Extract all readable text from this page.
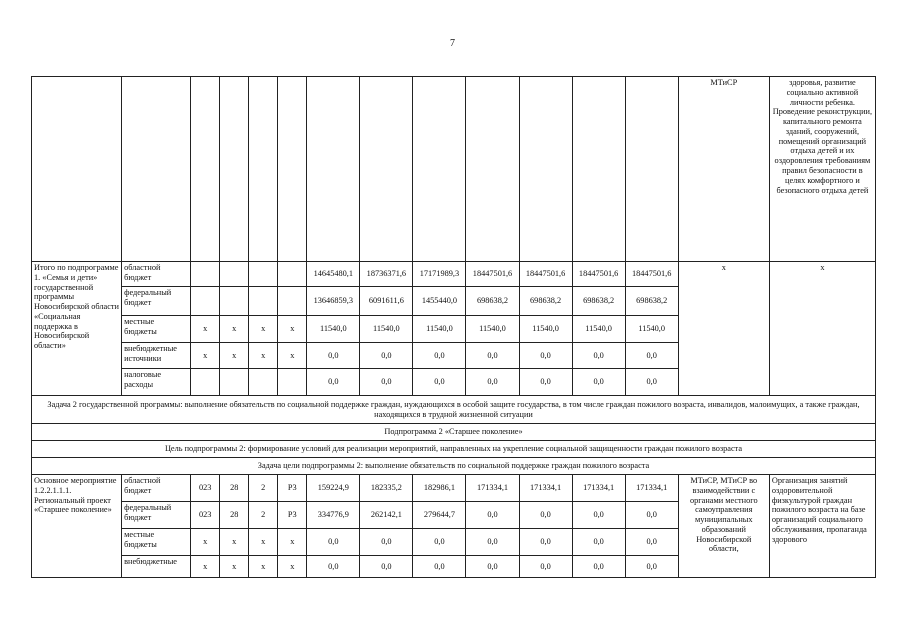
7
													МТиСР	здоровья, развитие социально активной личности ребенка. Проведение реконструкции, капитального ремонта зданий, сооружений, помещений организаций отдыха детей и их оздоровления требованиям правил безопасности в целях комфортного и безопасного отдыха детей
Итого по подпрограмме 1. «Семья и дети» государственной программы Новосибирской области «Социальная поддержка в Новосибирской области»	областной бюджет					14645480,1	18736371,6	17171989,3	18447501,6	18447501,6	18447501,6	18447501,6	х	х
	федеральный бюджет					13646859,3	6091611,6	1455440,0	698638,2	698638,2	698638,2	698638,2		
	местные бюджеты	х	х	х	х	11540,0	11540,0	11540,0	11540,0	11540,0	11540,0	11540,0		
	внебюджетные источники	х	х	х	х	0,0	0,0	0,0	0,0	0,0	0,0	0,0		
	налоговые расходы					0,0	0,0	0,0	0,0	0,0	0,0	0,0		
Задача 2 государственной программы: выполнение обязательств по социальной поддержке граждан, нуждающихся в особой защите государства, в том числе граждан пожилого возраста, инвалидов, малоимущих, а также граждан, находящихся в трудной жизненной ситуации														
Подпрограмма 2 «Старшее поколение»														
Цель подпрограммы 2: формирование условий для реализации мероприятий, направленных на укрепление социальной защищенности граждан пожилого возраста														
Задача цели подпрограммы 2: выполнение обязательств по социальной поддержке граждан пожилого возраста														
Основное мероприятие 1.2.2.1.1.1. Региональный проект «Старшее поколение»	областной бюджет	023	28	2	P3	159224,9	182335,2	182986,1	171334,1	171334,1	171334,1	171334,1	МТиСР, МТиСР во взаимодействии с органами местного самоуправления муниципальных образований Новосибирской области,	Организация занятий оздоровительной физкультурой граждан пожилого возраста на базе организаций социального обслуживания, пропаганда здорового
	федеральный бюджет	023	28	2	P3	334776,9	262142,1	279644,7	0,0	0,0	0,0	0,0		
	местные бюджеты	х	х	х	х	0,0	0,0	0,0	0,0	0,0	0,0	0,0		
	внебюджетные	х	х	х	х	0,0	0,0	0,0	0,0	0,0	0,0	0,0		
